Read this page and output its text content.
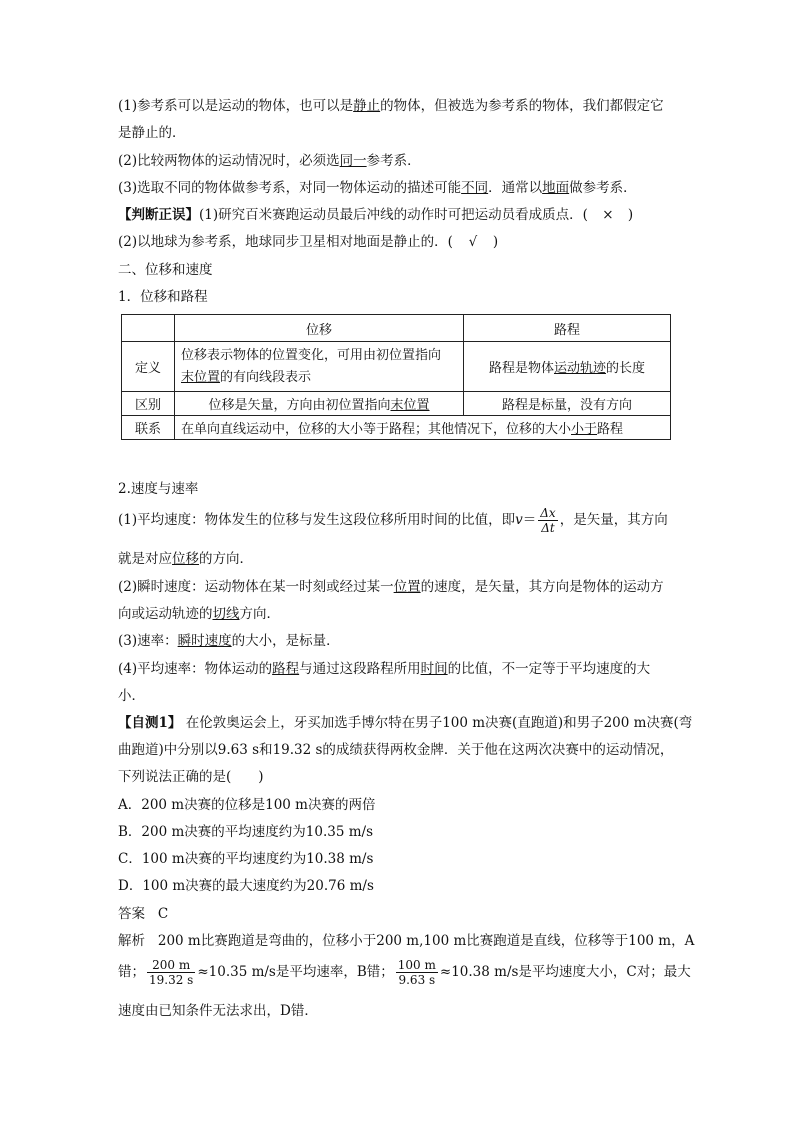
(1)参考系可以是运动的物体，也可以是静止的物体，但被选为参考系的物体，我们都假定它
是静止的．
(2)比较两物体的运动情况时，必须选同一参考系．
(3)选取不同的物体做参考系，对同一物体运动的描述可能不同．通常以地面做参考系．
【判断正误】(1)研究百米赛跑运动员最后冲线的动作时可把运动员看成质点．( × )
(2)以地球为参考系，地球同步卫星相对地面是静止的．( √ )
二、位移和速度
1．位移和路程
	位移	路程
定义	位移表示物体的位置变化，可用由初位置指向
末位置的有向线段表示	路程是物体运动轨迹的长度
区别	位移是矢量，方向由初位置指向末位置	路程是标量，没有方向
联系	在单向直线运动中，位移的大小等于路程；其他情况下，位移的大小小于路程	
2.速度与速率
(1)平均速度：物体发生的位移与发生这段位移所用时间的比值，即$v= \frac{\Delta x}{\Delta t}$ ，是矢量，其方向
就是对应位移的方向．
(2)瞬时速度：运动物体在某一时刻或经过某一位置的速度，是矢量，其方向是物体的运动方
向或运动轨迹的切线方向．
(3)速率：瞬时速度的大小，是标量．
(4)平均速率：物体运动的路程与通过这段路程所用时间的比值，不一定等于平均速度的大
小．
【自测1】 在伦敦奥运会上，牙买加选手博尔特在男子100 m决赛(直跑道)和男子200 m决赛(弯
曲跑道)中分别以9.63 s和19.32 s的成绩获得两枚金牌．关于他在这两次决赛中的运动情况，
下列说法正确的是(　　)
A．200 m决赛的位移是100 m决赛的两倍
B．200 m决赛的平均速度约为10.35 m/s
C．100 m决赛的平均速度约为10.38 m/s
D．100 m决赛的最大速度约为20.76 m/s
答案 C
解析 200 m比赛跑道是弯曲的，位移小于200 m,100 m比赛跑道是直线，位移等于100 m，A
错； $\frac{200 m}{19.32 s} \approx 10.35$ m/s是平均速率，B错； $\frac{100 m}{9.63 s} \approx 10.38$ m/s是平均速度大小，C对；最大
速度由已知条件无法求出，D错．
